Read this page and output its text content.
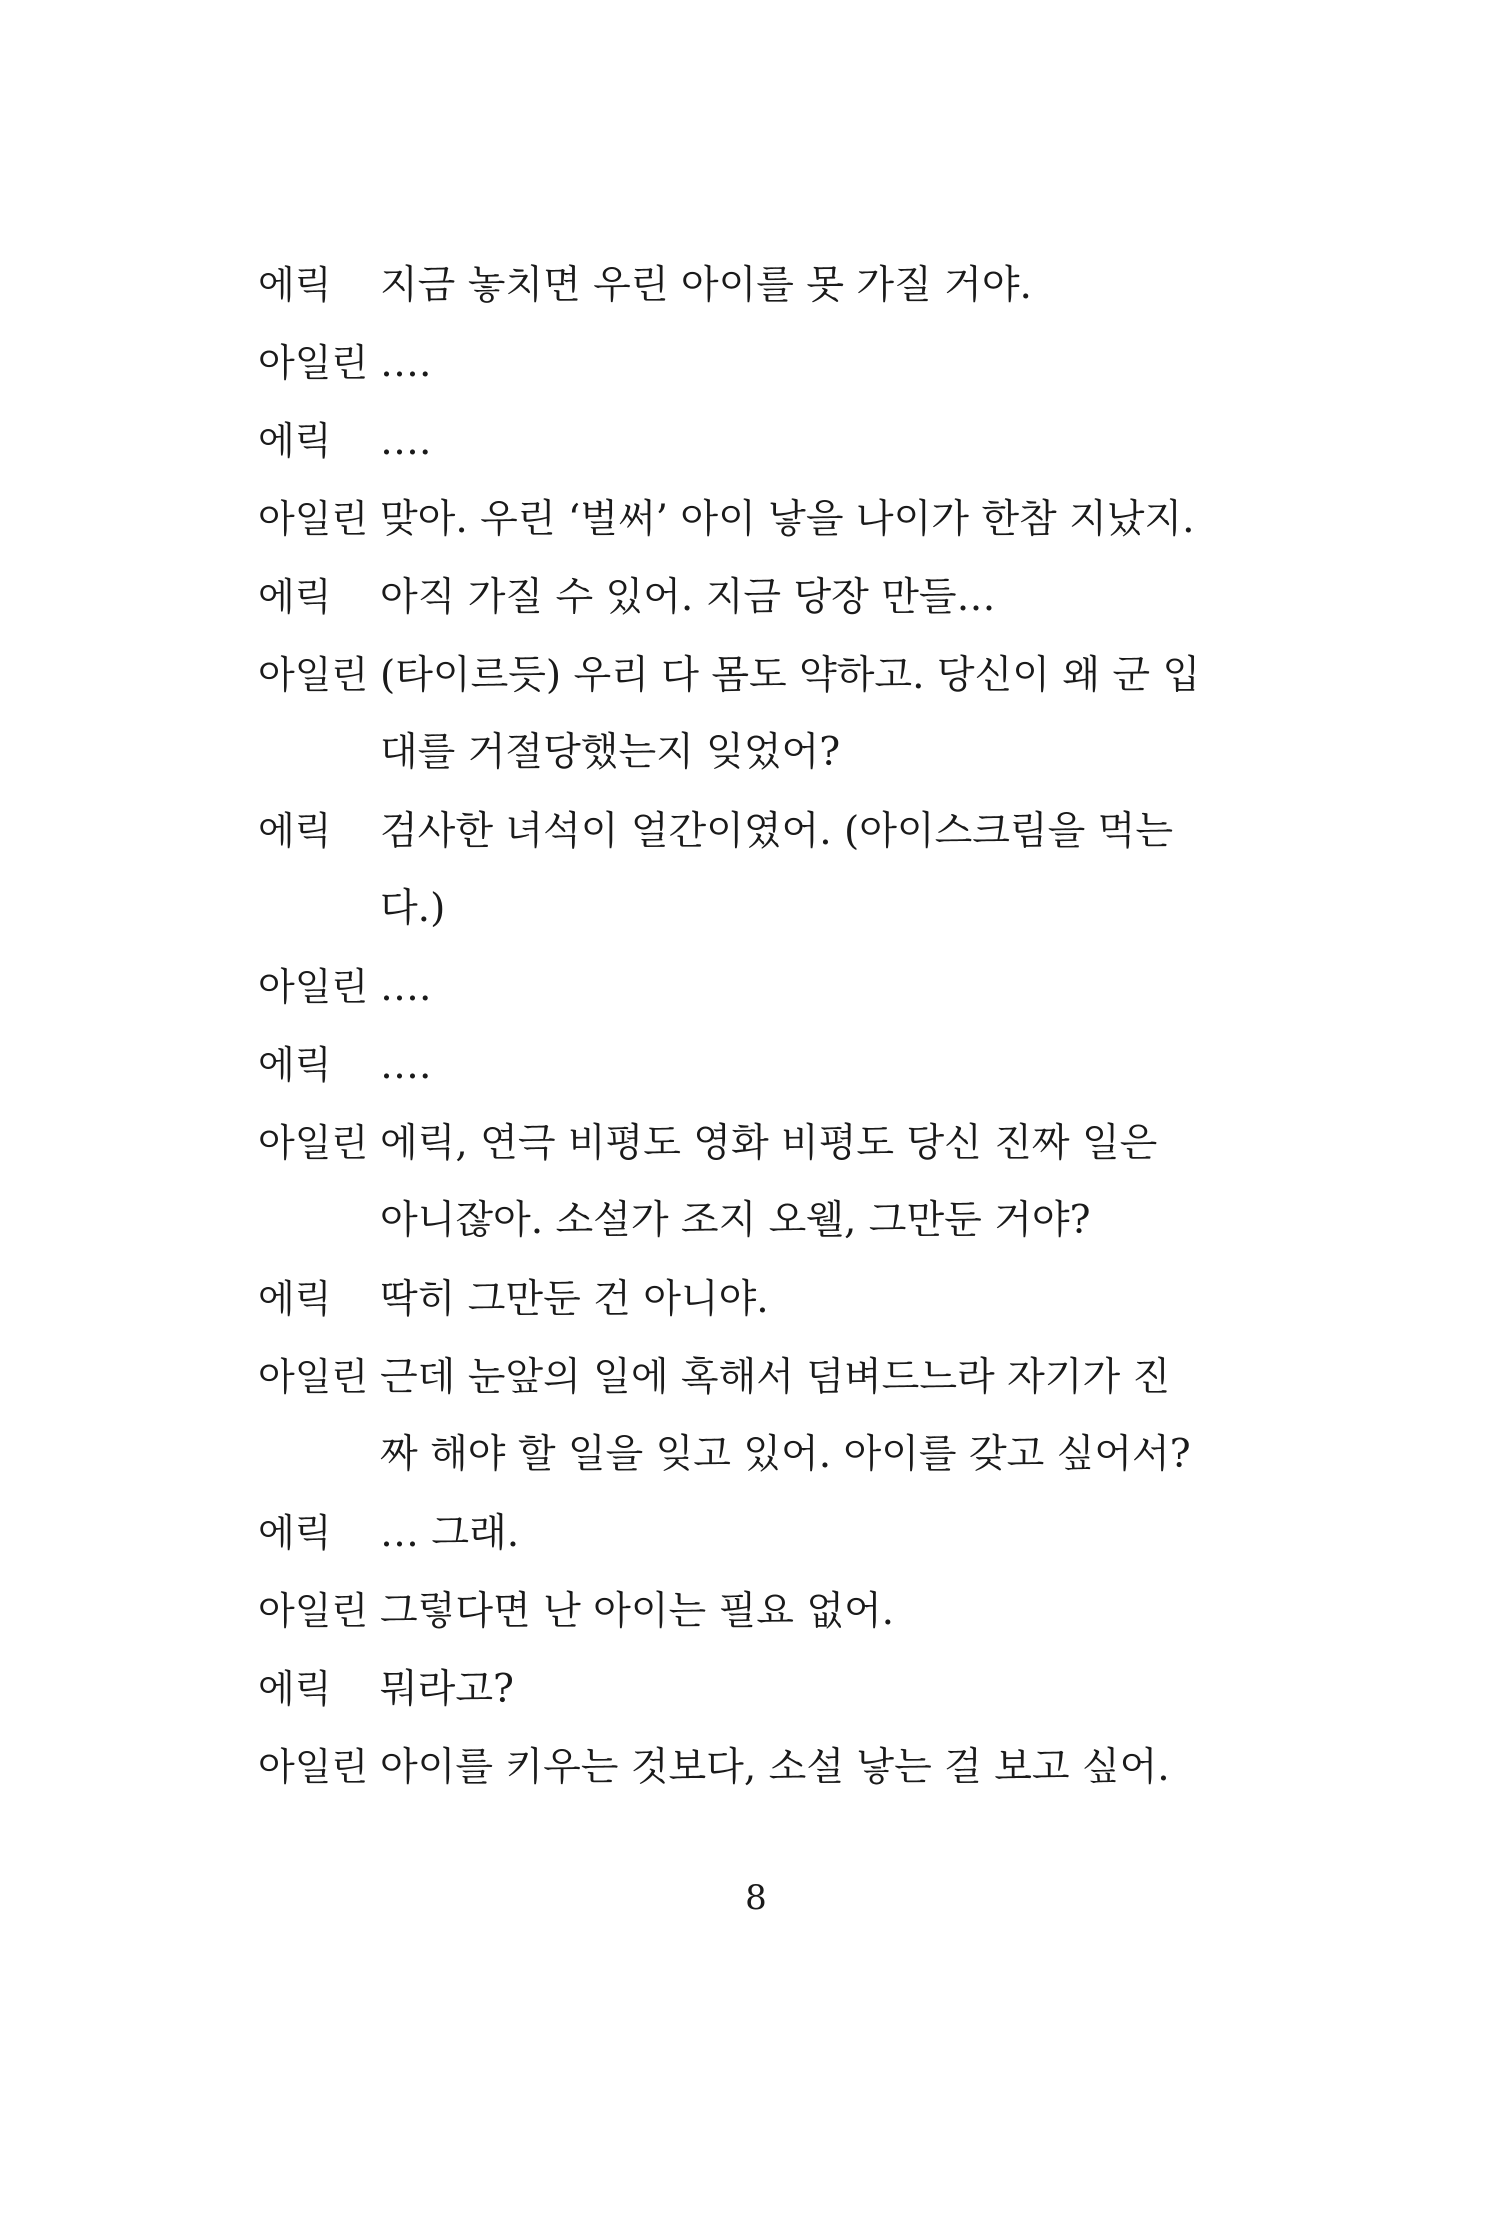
에릭	지금 놓치면 우린 아이를 못 가질 거야.
아일린 ….
에릭	….
아일린 맞아. 우린 ‘벌써’ 아이 낳을 나이가 한참 지났지.
에릭	아직 가질 수 있어. 지금 당장 만들…
아일린 (타이르듯) 우리 다 몸도 약하고. 당신이 왜 군 입
대를 거절당했는지 잊었어?
에릭	검사한 녀석이 얼간이였어. (아이스크림을 먹는
다.)
아일린 ….
에릭	….
아일린 에릭, 연극 비평도 영화 비평도 당신 진짜 일은
아니잖아. 소설가 조지 오웰, 그만둔 거야?
에릭	딱히 그만둔 건 아니야.
아일린 근데 눈앞의 일에 혹해서 덤벼드느라 자기가 진
짜 해야 할 일을 잊고 있어. 아이를 갖고 싶어서?
에릭	… 그래.
아일린 그렇다면 난 아이는 필요 없어.
에릭	뭐라고?
아일린 아이를 키우는 것보다, 소설 낳는 걸 보고 싶어.
8
